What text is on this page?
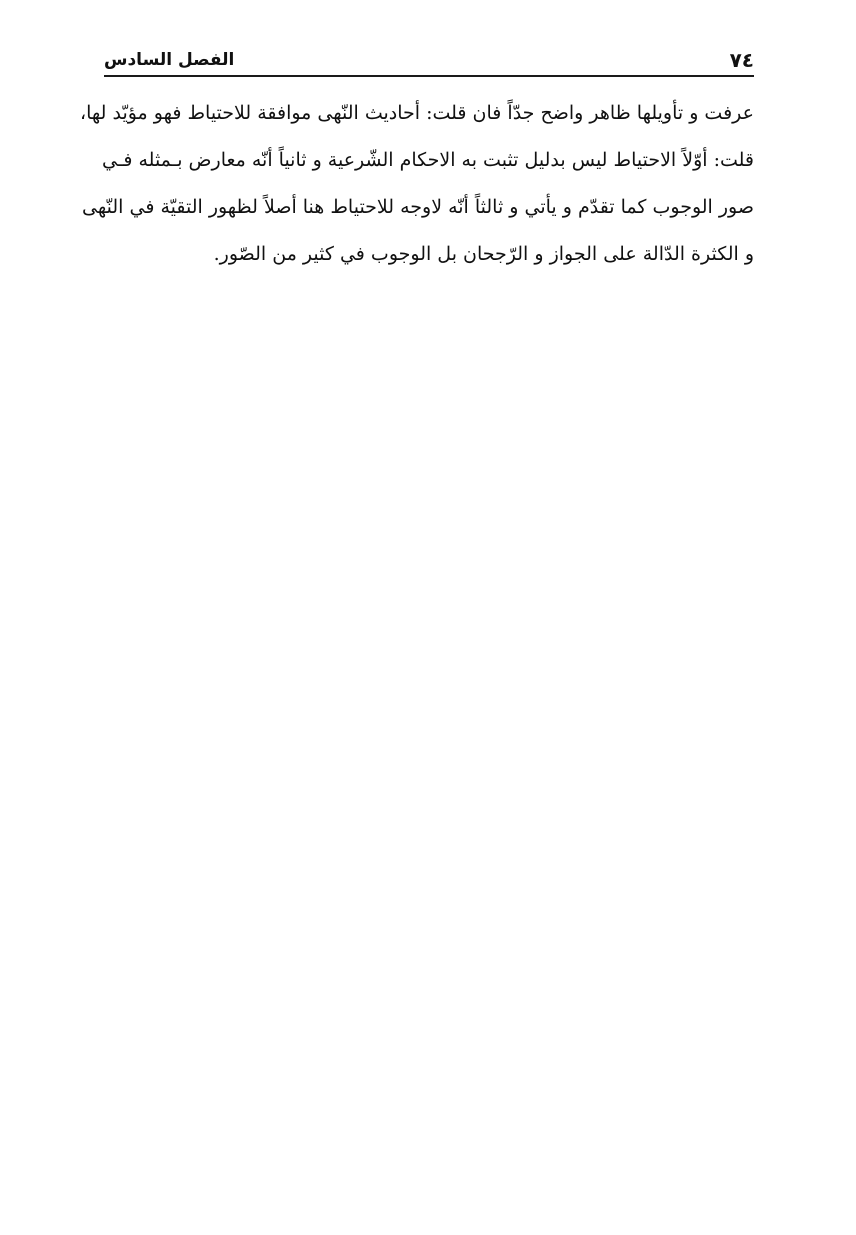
٧٤
الفصل السادس
عرفت و تأويلها ظاهر واضح جدّاً فان قلت: أحاديث النّهى موافقة للاحتياط فهو مؤيّد لها،
قلت: أوّلاً الاحتياط ليس بدليل تثبت به الاحكام الشّرعية و ثانياً أنّه معارض بـمثله فـي
صور الوجوب كما تقدّم و يأتي و ثالثاً أنّه لاوجه للاحتياط هنا أصلاً لظهور التقيّة في النّهى
و الكثرة الدّالة على الجواز و الرّجحان بل الوجوب في كثير من الصّور.
